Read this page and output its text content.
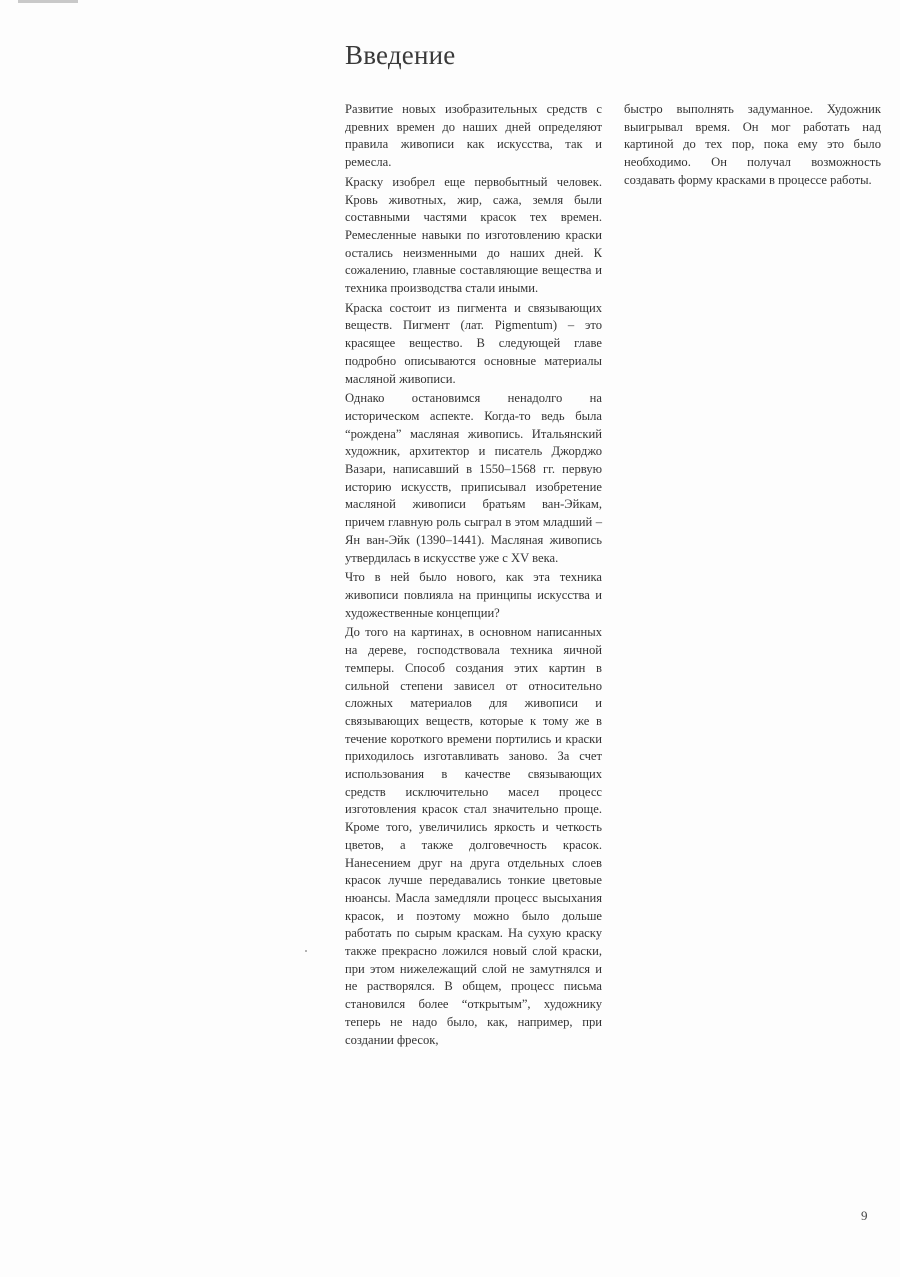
Введение

Развитие новых изобразительных средств с древних времен до наших дней определяют правила живописи как искусства, так и ремесла.

Краску изобрел еще первобытный человек. Кровь животных, жир, сажа, земля были составными частями красок тех времен. Ремесленные навыки по изготовлению краски остались неизменными до наших дней. К сожалению, главные составляющие вещества и техника производства стали иными.

Краска состоит из пигмента и связывающих веществ. Пигмент (лат. Pigmentum) – это красящее вещество. В следующей главе подробно описываются основные материалы масляной живописи.

Однако остановимся ненадолго на историческом аспекте. Когда-то ведь была “рождена” масляная живопись. Итальянский художник, архитектор и писатель Джорджо Вазари, написавший в 1550–1568 гг. первую историю искусств, приписывал изобретение масляной живописи братьям ван-Эйкам, причем главную роль сыграл в этом младший – Ян ван-Эйк (1390–1441). Масляная живопись утвердилась в искусстве уже с XV века.

Что в ней было нового, как эта техника живописи повлияла на принципы искусства и художественные концепции?

До того на картинах, в основном написанных на дереве, господствовала техника яичной темперы. Способ создания этих картин в сильной степени зависел от относительно сложных материалов для живописи и связывающих веществ, которые к тому же в течение короткого времени портились и краски приходилось изготавливать заново. За счет использования в качестве связывающих средств исключительно масел процесс изготовления красок стал значительно проще. Кроме того, увеличились яркость и четкость цветов, а также долговечность красок. Нанесением друг на друга отдельных слоев красок лучше передавались тонкие цветовые нюансы. Масла замедляли процесс высыхания красок, и поэтому можно было дольше работать по сырым краскам. На сухую краску также прекрасно ложился новый слой краски, при этом нижележащий слой не замутнялся и не растворялся. В общем, процесс письма становился более “открытым”, художнику теперь не надо было, как, например, при создании фресок,

быстро выполнять задуманное. Художник выигрывал время. Он мог работать над картиной до тех пор, пока ему это было необходимо. Он получал возможность создавать форму красками в процессе работы.

9
